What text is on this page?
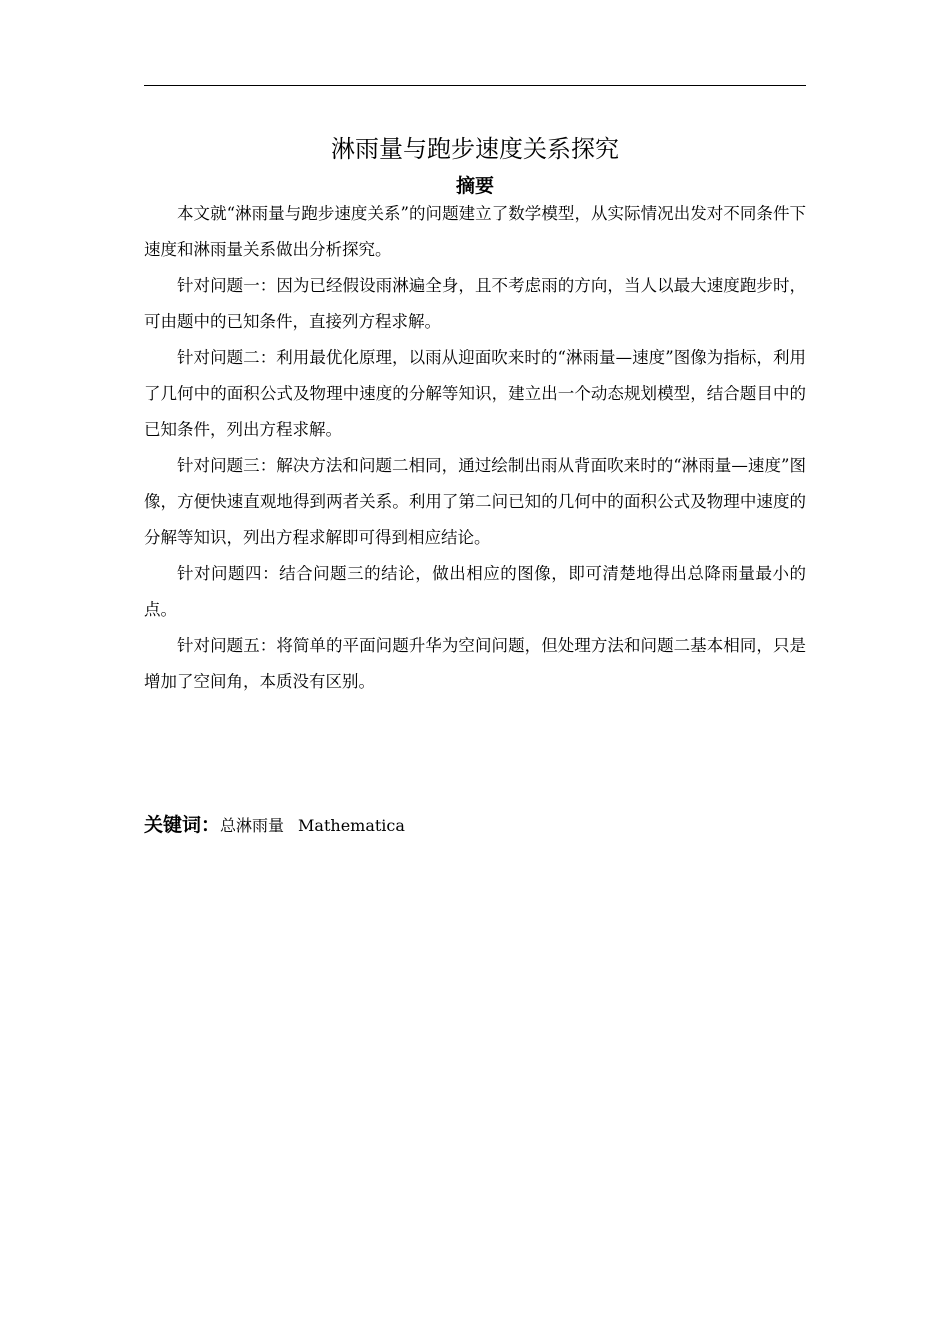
淋雨量与跑步速度关系探究
摘要

本文就“淋雨量与跑步速度关系”的问题建立了数学模型，从实际情况出发对不同条件下速度和淋雨量关系做出分析探究。

针对问题一：因为已经假设雨淋遍全身，且不考虑雨的方向，当人以最大速度跑步时，可由题中的已知条件，直接列方程求解。

针对问题二：利用最优化原理，以雨从迎面吹来时的“淋雨量—速度”图像为指标，利用了几何中的面积公式及物理中速度的分解等知识，建立出一个动态规划模型，结合题目中的已知条件，列出方程求解。

针对问题三：解决方法和问题二相同，通过绘制出雨从背面吹来时的“淋雨量—速度”图像，方便快速直观地得到两者关系。利用了第二问已知的几何中的面积公式及物理中速度的分解等知识，列出方程求解即可得到相应结论。

针对问题四：结合问题三的结论，做出相应的图像，即可清楚地得出总降雨量最小的点。

针对问题五：将简单的平面问题升华为空间问题，但处理方法和问题二基本相同，只是增加了空间角，本质没有区别。

关键词：总淋雨量 Mathematica
